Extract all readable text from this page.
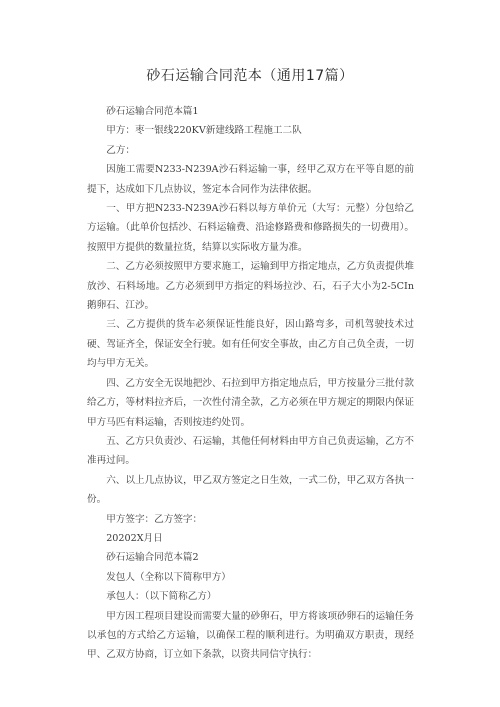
砂石运输合同范本（通用17篇）

砂石运输合同范本篇1

甲方：枣一银线220KV新建线路工程施工二队

乙方：

因施工需要N233-N239A沙石料运输一事，经甲乙双方在平等自愿的前提下，达成如下几点协议，签定本合同作为法律依据。

一、甲方把N233-N239A沙石料以每方单价元（大写：元整）分包给乙方运输。（此单价包括沙、石料运输费、沿途修路费和修路损失的一切费用）。按照甲方提供的数量拉货，结算以实际收方量为准。

二、乙方必须按照甲方要求施工，运输到甲方指定地点，乙方负责提供堆放沙、石料场地。乙方必须到甲方指定的料场拉沙、石，石子大小为2-5CIn鹅卵石、江沙。

三、乙方提供的货车必须保证性能良好，因山路弯多，司机驾驶技术过硬、驾证齐全，保证安全行驶。如有任何安全事故，由乙方自己负全责，一切均与甲方无关。

四、乙方安全无误地把沙、石拉到甲方指定地点后，甲方按量分三批付款给乙方，等材料拉齐后，一次性付清全款，乙方必须在甲方规定的期限内保证甲方马匹有料运输，否则按违约处罚。

五、乙方只负责沙、石运输，其他任何材料由甲方自己负责运输，乙方不准再过问。

六、以上几点协议，甲乙双方签定之日生效，一式二份，甲乙双方各执一份。

甲方签字：乙方签字：

20202X月日

砂石运输合同范本篇2

发包人（全称以下简称甲方）

承包人：（以下简称乙方）

甲方因工程项目建设而需要大量的砂卵石，甲方将该项砂卵石的运输任务以承包的方式给乙方运输，以确保工程的顺利进行。为明确双方职责，现经甲、乙双方协商，订立如下条款，以资共同信守执行：
